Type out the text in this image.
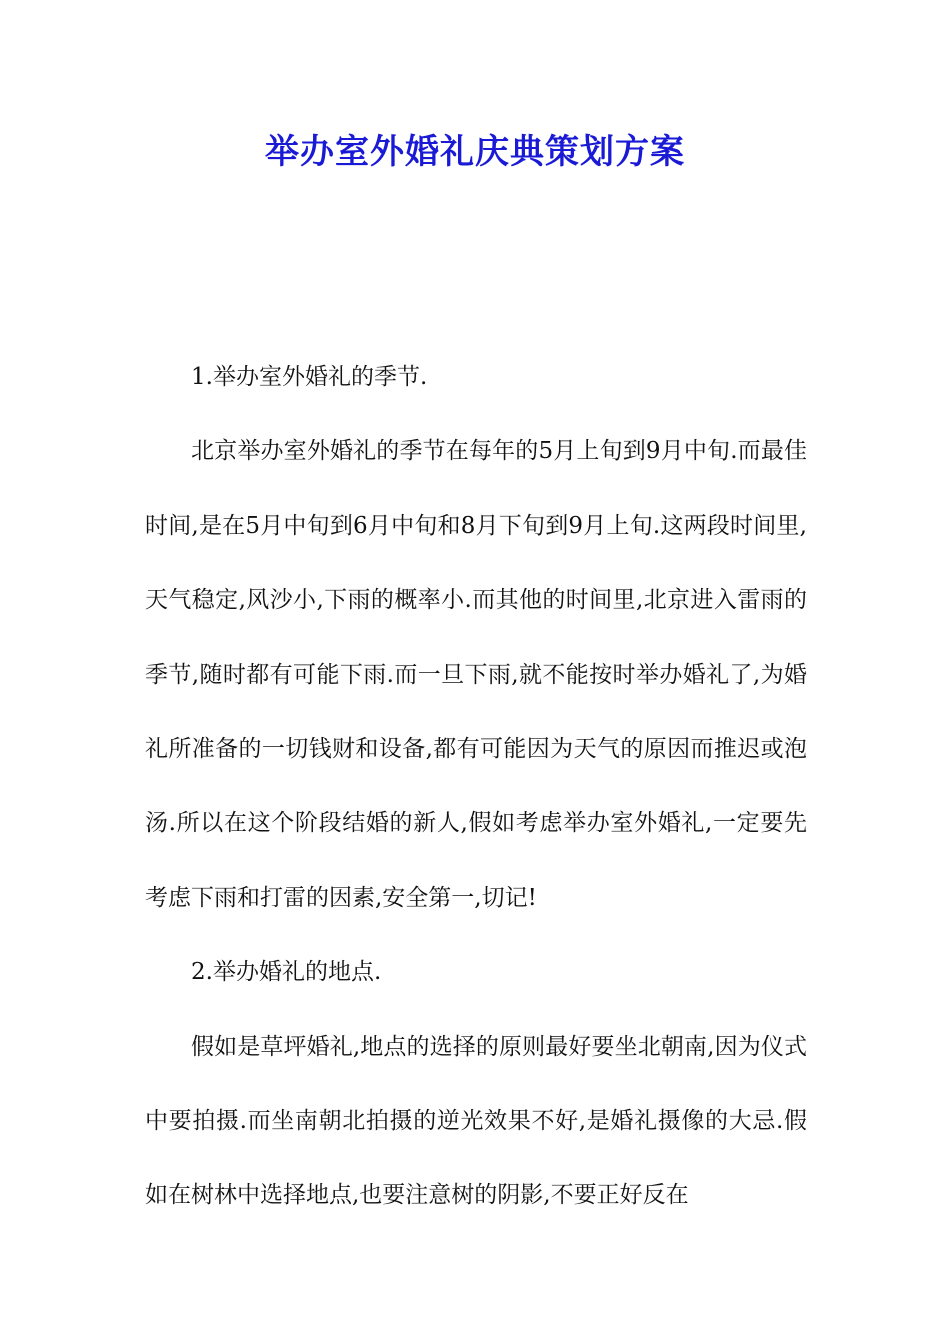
举办室外婚礼庆典策划方案

1.举办室外婚礼的季节.

北京举办室外婚礼的季节在每年的5月上旬到9月中旬.而最佳时间,是在5月中旬到6月中旬和8月下旬到9月上旬.这两段时间里,天气稳定,风沙小,下雨的概率小.而其他的时间里,北京进入雷雨的季节,随时都有可能下雨.而一旦下雨,就不能按时举办婚礼了,为婚礼所准备的一切钱财和设备,都有可能因为天气的原因而推迟或泡汤.所以在这个阶段结婚的新人,假如考虑举办室外婚礼,一定要先考虑下雨和打雷的因素,安全第一,切记!

2.举办婚礼的地点.

假如是草坪婚礼,地点的选择的原则最好要坐北朝南,因为仪式中要拍摄.而坐南朝北拍摄的逆光效果不好,是婚礼摄像的大忌.假如在树林中选择地点,也要注意树的阴影,不要正好反在
